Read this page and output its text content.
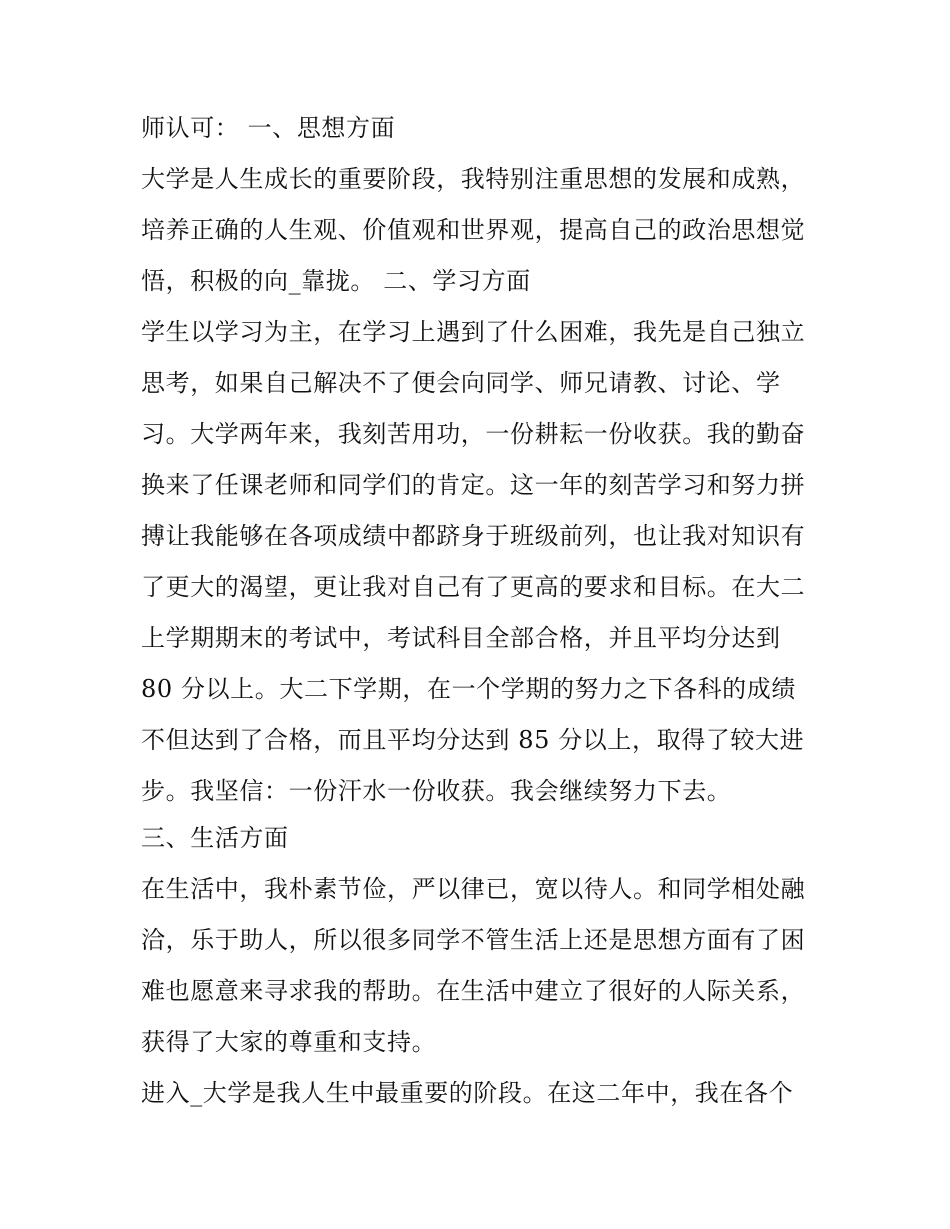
师认可： 一、思想方面
大学是人生成长的重要阶段，我特别注重思想的发展和成熟，
培养正确的人生观、价值观和世界观，提高自己的政治思想觉
悟，积极的向_靠拢。 二、学习方面
学生以学习为主，在学习上遇到了什么困难，我先是自己独立
思考，如果自己解决不了便会向同学、师兄请教、讨论、学
习。大学两年来，我刻苦用功，一份耕耘一份收获。我的勤奋
换来了任课老师和同学们的肯定。这一年的刻苦学习和努力拼
搏让我能够在各项成绩中都跻身于班级前列，也让我对知识有
了更大的渴望，更让我对自己有了更高的要求和目标。在大二
上学期期末的考试中，考试科目全部合格，并且平均分达到
80 分以上。大二下学期，在一个学期的努力之下各科的成绩
不但达到了合格，而且平均分达到 85 分以上，取得了较大进
步。我坚信：一份汗水一份收获。我会继续努力下去。
三、生活方面
在生活中，我朴素节俭，严以律已，宽以待人。和同学相处融
洽，乐于助人，所以很多同学不管生活上还是思想方面有了困
难也愿意来寻求我的帮助。在生活中建立了很好的人际关系，
获得了大家的尊重和支持。
进入_大学是我人生中最重要的阶段。在这二年中，我在各个
